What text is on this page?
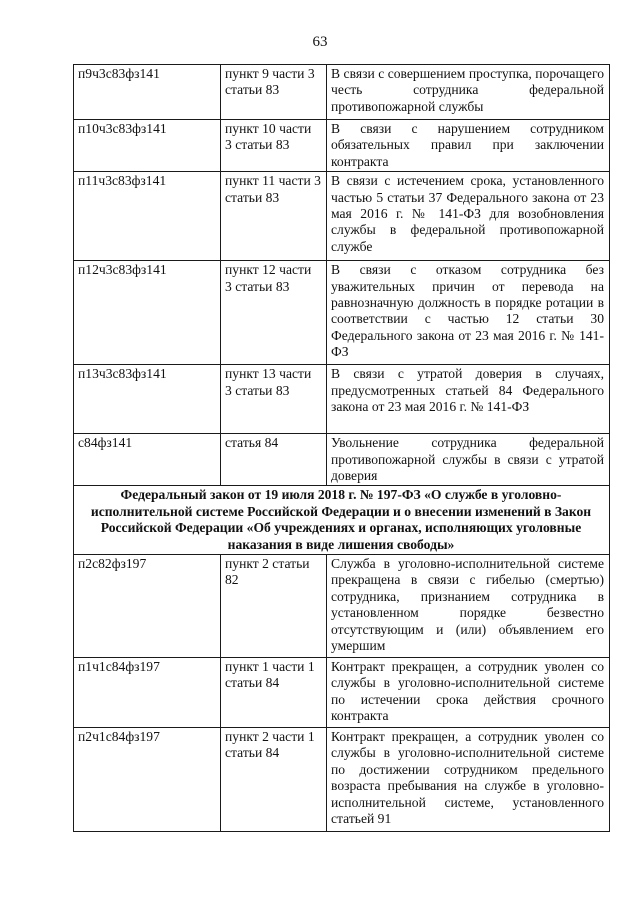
63
п9ч3с83фз141	пункт 9 части 3 статьи 83	В связи с совершением проступка, порочащего честь сотрудника федеральной противопожарной службы
п10ч3с83фз141	пункт 10 части 3 статьи 83	В связи с нарушением сотрудником обязательных правил при заключении контракта
п11ч3с83фз141	пункт 11 части 3 статьи 83	В связи с истечением срока, установленного частью 5 статьи 37 Федерального закона от 23 мая 2016 г. № 141-ФЗ для возобновления службы в федеральной противопожарной службе
п12ч3с83фз141	пункт 12 части 3 статьи 83	В связи с отказом сотрудника без уважительных причин от перевода на равнозначную должность в порядке ротации в соответствии с частью 12 статьи 30 Федерального закона от 23 мая 2016 г. № 141-ФЗ
п13ч3с83фз141	пункт 13 части 3 статьи 83	В связи с утратой доверия в случаях, предусмотренных статьей 84 Федерального закона от 23 мая 2016 г. № 141-ФЗ
с84фз141	статья 84	Увольнение сотрудника федеральной противопожарной службы в связи с утратой доверия
Федеральный закон от 19 июля 2018 г. № 197-ФЗ «О службе в уголовно-исполнительной системе Российской Федерации и о внесении изменений в Закон Российской Федерации «Об учреждениях и органах, исполняющих уголовные наказания в виде лишения свободы»		
п2с82фз197	пункт 2 статьи 82	Служба в уголовно-исполнительной системе прекращена в связи с гибелью (смертью) сотрудника, признанием сотрудника в установленном порядке безвестно отсутствующим и (или) объявлением его умершим
п1ч1с84фз197	пункт 1 части 1 статьи 84	Контракт прекращен, а сотрудник уволен со службы в уголовно-исполнительной системе по истечении срока действия срочного контракта
п2ч1с84фз197	пункт 2 части 1 статьи 84	Контракт прекращен, а сотрудник уволен со службы в уголовно-исполнительной системе по достижении сотрудником предельного возраста пребывания на службе в уголовно-исполнительной системе, установленного статьей 91
